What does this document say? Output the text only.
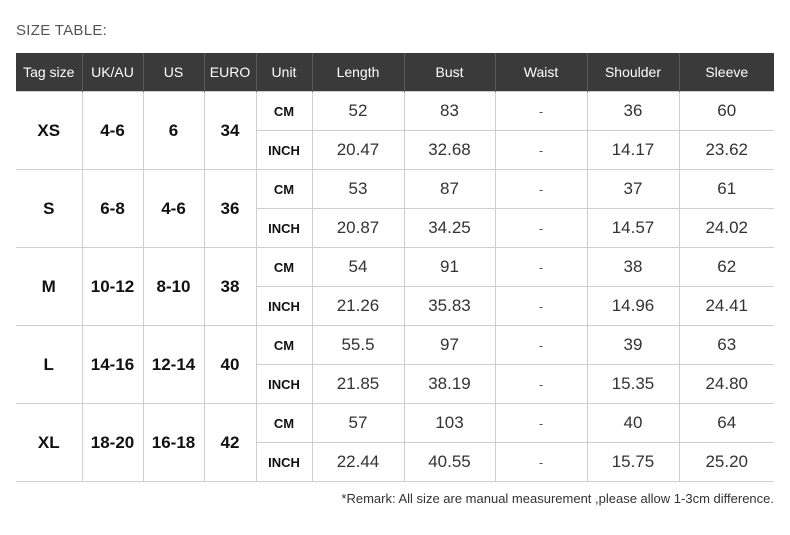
SIZE TABLE:
Tag size	UK/AU	US	EURO	Unit	Length	Bust	Waist	Shoulder	Sleeve
XS	4-6	6	34	CM	52	83	-	36	60
				INCH	20.47	32.68	-	14.17	23.62
S	6-8	4-6	36	CM	53	87	-	37	61
				INCH	20.87	34.25	-	14.57	24.02
M	10-12	8-10	38	CM	54	91	-	38	62
				INCH	21.26	35.83	-	14.96	24.41
L	14-16	12-14	40	CM	55.5	97	-	39	63
				INCH	21.85	38.19	-	15.35	24.80
XL	18-20	16-18	42	CM	57	103	-	40	64
				INCH	22.44	40.55	-	15.75	25.20
*Remark: All size are manual measurement ,please allow 1-3cm difference.
